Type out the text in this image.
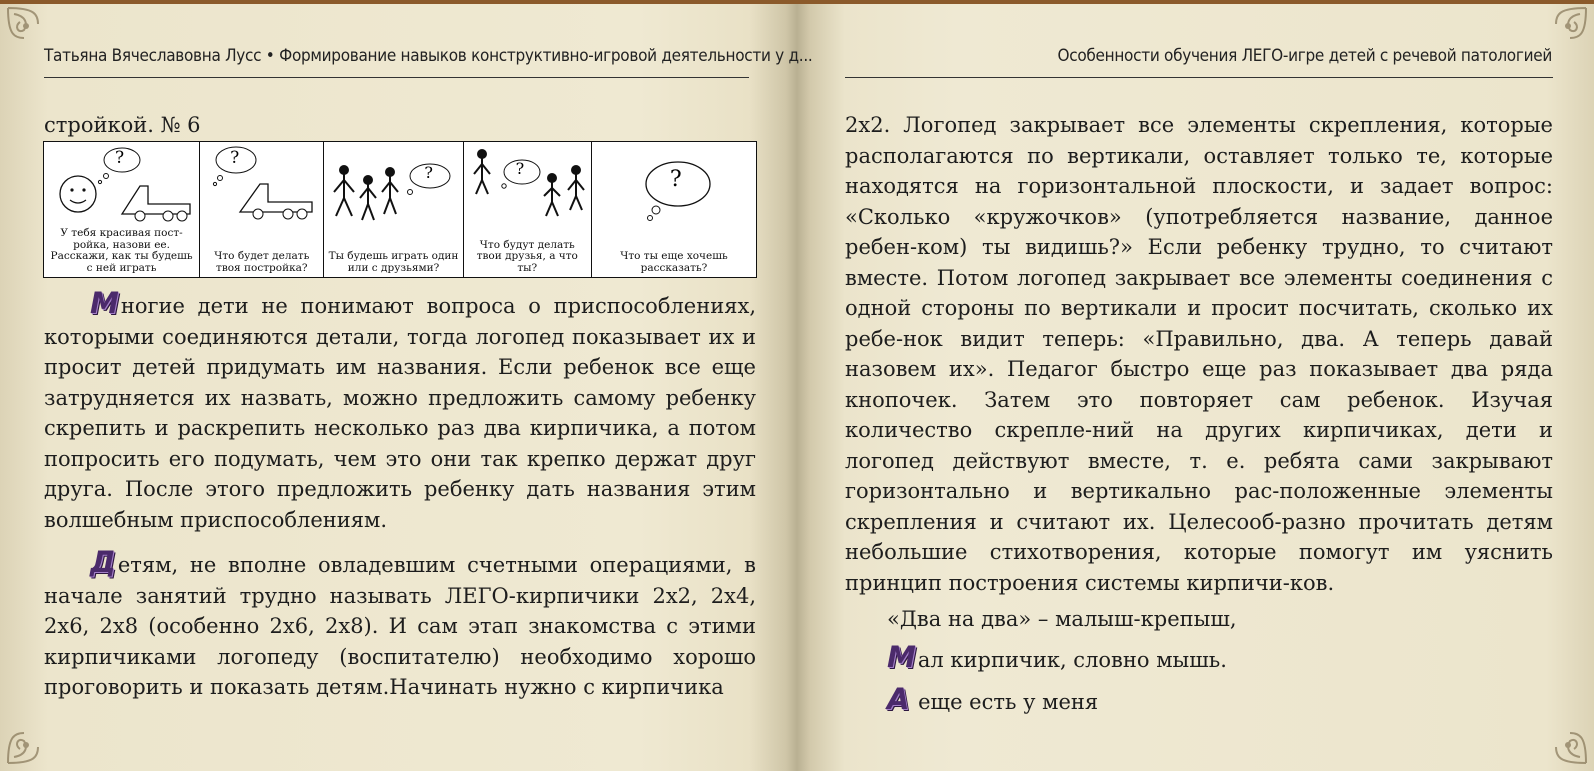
Татьяна Вячеславовна Лусс • Формирование навыков конструктивно-игровой деятельности у д...	Особенности обучения ЛЕГО-игре детей с речевой патологией

стройкой. № 6

Многие дети не понимают вопроса о приспособлениях, которыми соединяются детали, тогда логопед показывает их и просит детей придумать им названия. Если ребенок все еще затрудняется их назвать, можно предложить самому ребенку скрепить и раскрепить несколько раз два кирпичика, а потом попросить его подумать, чем это они так крепко держат друг друга. После этого предложить ребенку дать названия этим волшебным приспособлениям.

Детям, не вполне овладевшим счетными операциями, в начале занятий трудно называть ЛЕГО-кирпичики 2х2, 2х4, 2х6, 2х8 (особенно 2х6, 2х8). И сам этап знакомства с этими кирпичиками логопеду (воспитателю) необходимо хорошо проговорить и показать детям.Начинать нужно с кирпичика

?
У тебя красивая пост-ройка, назови ее. Расскажи, как ты будешь с ней играть
?
Что будет делать твоя постройка?
?
Ты будешь играть один или с друзьями?
?
Что будут делать твои друзья, а что ты?
?
Что ты еще хочешь рассказать?

2х2. Логопед закрывает все элементы скрепления, которые располагаются по вертикали, оставляет только те, которые находятся на горизонтальной плоскости, и задает вопрос: «Сколько «кружочков» (употребляется название, данное ребен-ком) ты видишь?» Если ребенку трудно, то считают вместе. Потом логопед закрывает все элементы соединения с одной стороны по вертикали и просит посчитать, сколько их ребе-нок видит теперь: «Правильно, два. А теперь давай назовем их». Педагог быстро еще раз показывает два ряда кнопочек. Затем это повторяет сам ребенок. Изучая количество скрепле-ний на других кирпичиках, дети и логопед действуют вместе, т. е. ребята сами закрывают горизонтально и вертикально рас-положенные элементы скрепления и считают их. Целесооб-разно прочитать детям небольшие стихотворения, которые помогут им уяснить принцип построения системы кирпичи-ков.

«Два на два» – малыш-крепыш,

Мал кирпичик, словно мышь.

А еще есть у меня
